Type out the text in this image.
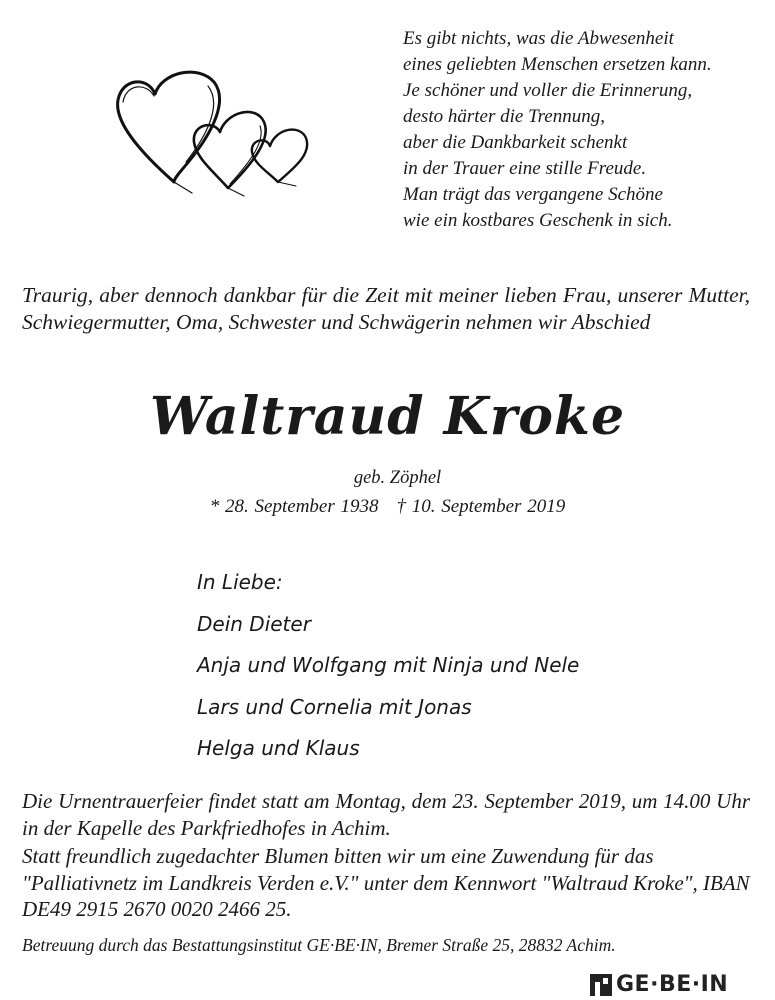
Es gibt nichts, was die Abwesenheit
eines geliebten Menschen ersetzen kann.
Je schöner und voller die Erinnerung,
desto härter die Trennung,
aber die Dankbarkeit schenkt
in der Trauer eine stille Freude.
Man trägt das vergangene Schöne
wie ein kostbares Geschenk in sich.
Traurig, aber dennoch dankbar für die Zeit mit meiner lieben Frau, unserer Mutter, Schwiegermutter, Oma, Schwester und Schwägerin nehmen wir Abschied
Waltraud Kroke
geb. Zöphel
* 28. September 1938 † 10. September 2019
In Liebe:
Dein Dieter
Anja und Wolfgang mit Ninja und Nele
Lars und Cornelia mit Jonas
Helga und Klaus

Die Urnentrauerfeier findet statt am Montag, dem 23. September 2019, um 14.00 Uhr in der Kapelle des Parkfriedhofes in Achim.

Statt freundlich zugedachter Blumen bitten wir um eine Zuwendung für das "Palliativnetz im Landkreis Verden e.V." unter dem Kennwort "Waltraud Kroke", IBAN DE49 2915 2670 0020 2466 25.

Betreuung durch das Bestattungsinstitut GE·BE·IN, Bremer Straße 25, 28832 Achim.
GE·BE·IN
